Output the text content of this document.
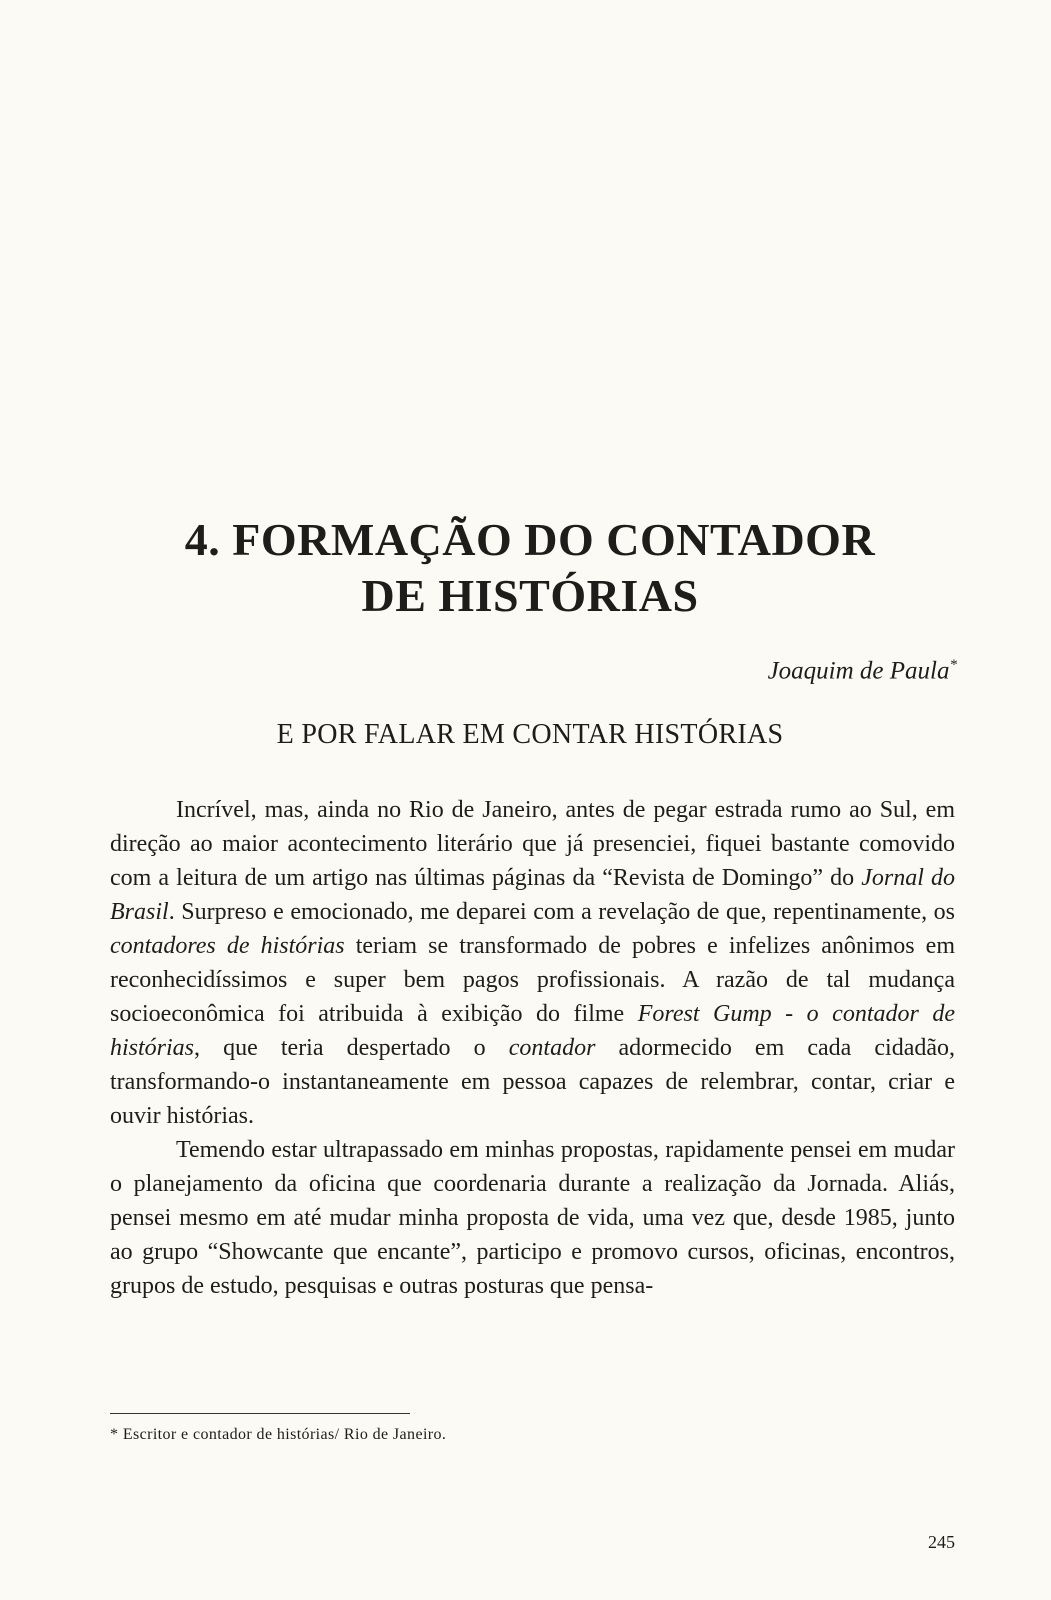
4. FORMAÇÃO DO CONTADOR
DE HISTÓRIAS

Joaquim de Paula*

E POR FALAR EM CONTAR HISTÓRIAS

Incrível, mas, ainda no Rio de Janeiro, antes de pegar estrada rumo ao Sul, em direção ao maior acontecimento literário que já presenciei, fiquei bastante comovido com a leitura de um artigo nas últimas páginas da “Revista de Domingo” do Jornal do Brasil. Surpreso e emocionado, me deparei com a revelação de que, repentinamente, os contadores de histórias teriam se transformado de pobres e infelizes anônimos em reconhecidíssimos e super bem pagos profissionais. A razão de tal mudança socioeconômica foi atribuida à exibição do filme Forest Gump - o contador de histórias, que teria despertado o contador adormecido em cada cidadão, transformando-o instantaneamente em pessoa capazes de relembrar, contar, criar e ouvir histórias.

Temendo estar ultrapassado em minhas propostas, rapidamente pensei em mudar o planejamento da oficina que coordenaria durante a realização da Jornada. Aliás, pensei mesmo em até mudar minha proposta de vida, uma vez que, desde 1985, junto ao grupo “Showcante que encante”, participo e promovo cursos, oficinas, encontros, grupos de estudo, pesquisas e outras posturas que pensa-

* Escritor e contador de histórias/ Rio de Janeiro.

245
